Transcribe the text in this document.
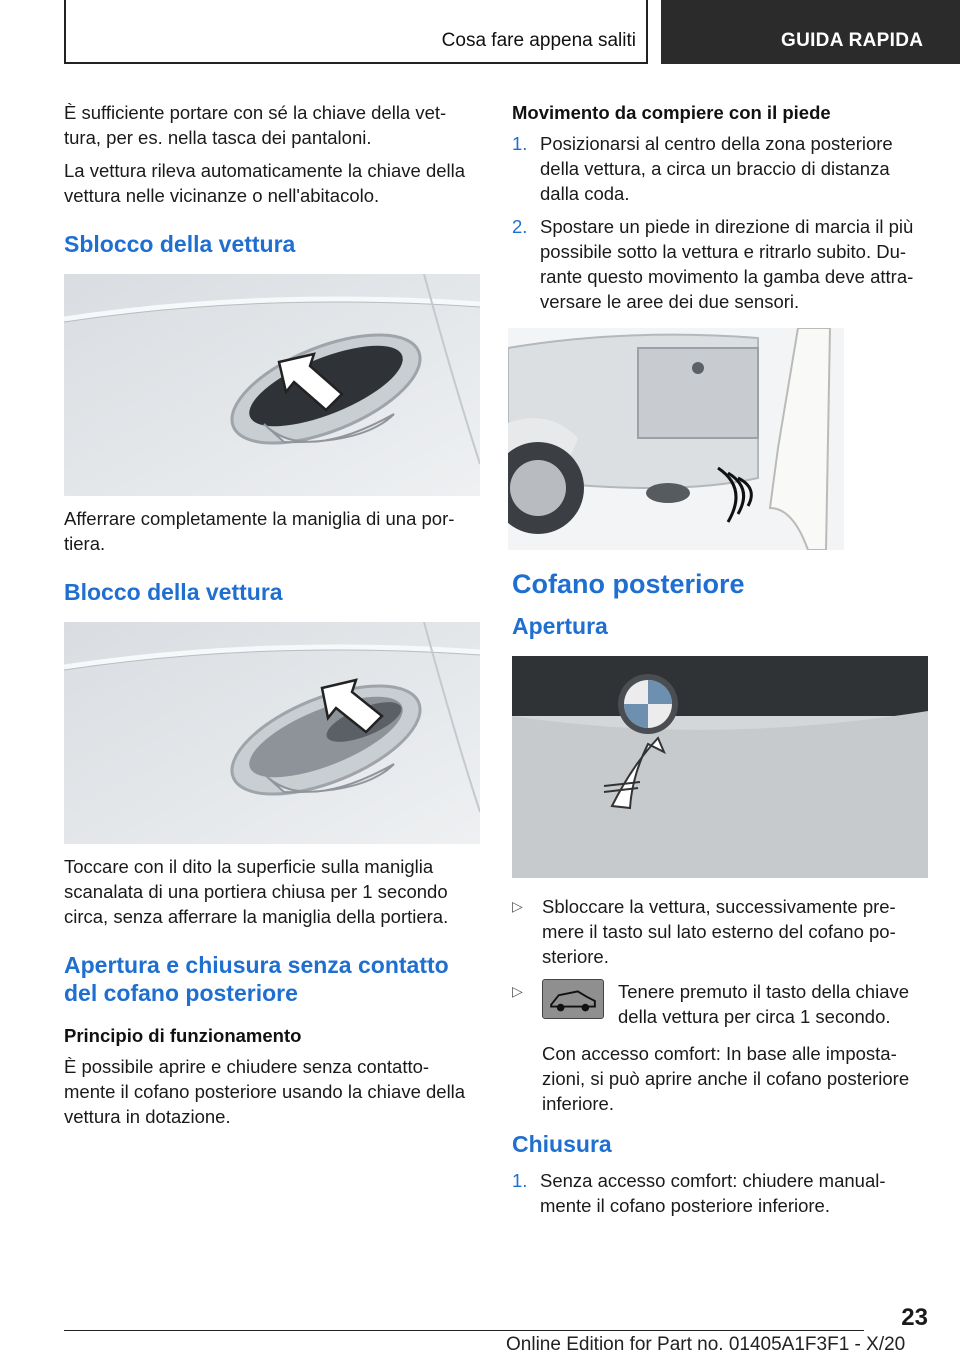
Cosa fare appena saliti	GUIDA RAPIDA

È sufficiente portare con sé la chiave della vet-tura, per es. nella tasca dei pantaloni.

La vettura rileva automaticamente la chiave della vettura nelle vicinanze o nell'abitacolo.

Sblocco della vettura

Afferrare completamente la maniglia di una por-tiera.

Blocco della vettura

Toccare con il dito la superficie sulla maniglia scanalata di una portiera chiusa per 1 secondo circa, senza afferrare la maniglia della portiera.

Apertura e chiusura senza contatto del cofano posteriore
Principio di funzionamento

È possibile aprire e chiudere senza contatto-mente il cofano posteriore usando la chiave della vettura in dotazione.

Movimento da compiere con il piede
1. Posizionarsi al centro della zona posteriore della vettura, a circa un braccio di distanza dalla coda.
2. Spostare un piede in direzione di marcia il più possibile sotto la vettura e ritrarlo subito. Du-rante questo movimento la gamba deve attra-versare le aree dei due sensori.
Cofano posteriore
Apertura
▷ Sbloccare la vettura, successivamente pre-mere il tasto sul lato esterno del cofano po-steriore.
▷	Tenere premuto il tasto della chiave della vettura per circa 1 secondo.

Con accesso comfort: In base alle imposta-zioni, si può aprire anche il cofano posteriore inferiore.

Chiusura
1. Senza accesso comfort: chiudere manual-mente il cofano posteriore inferiore.
23
Online Edition for Part no. 01405A1F3F1 - X/20
